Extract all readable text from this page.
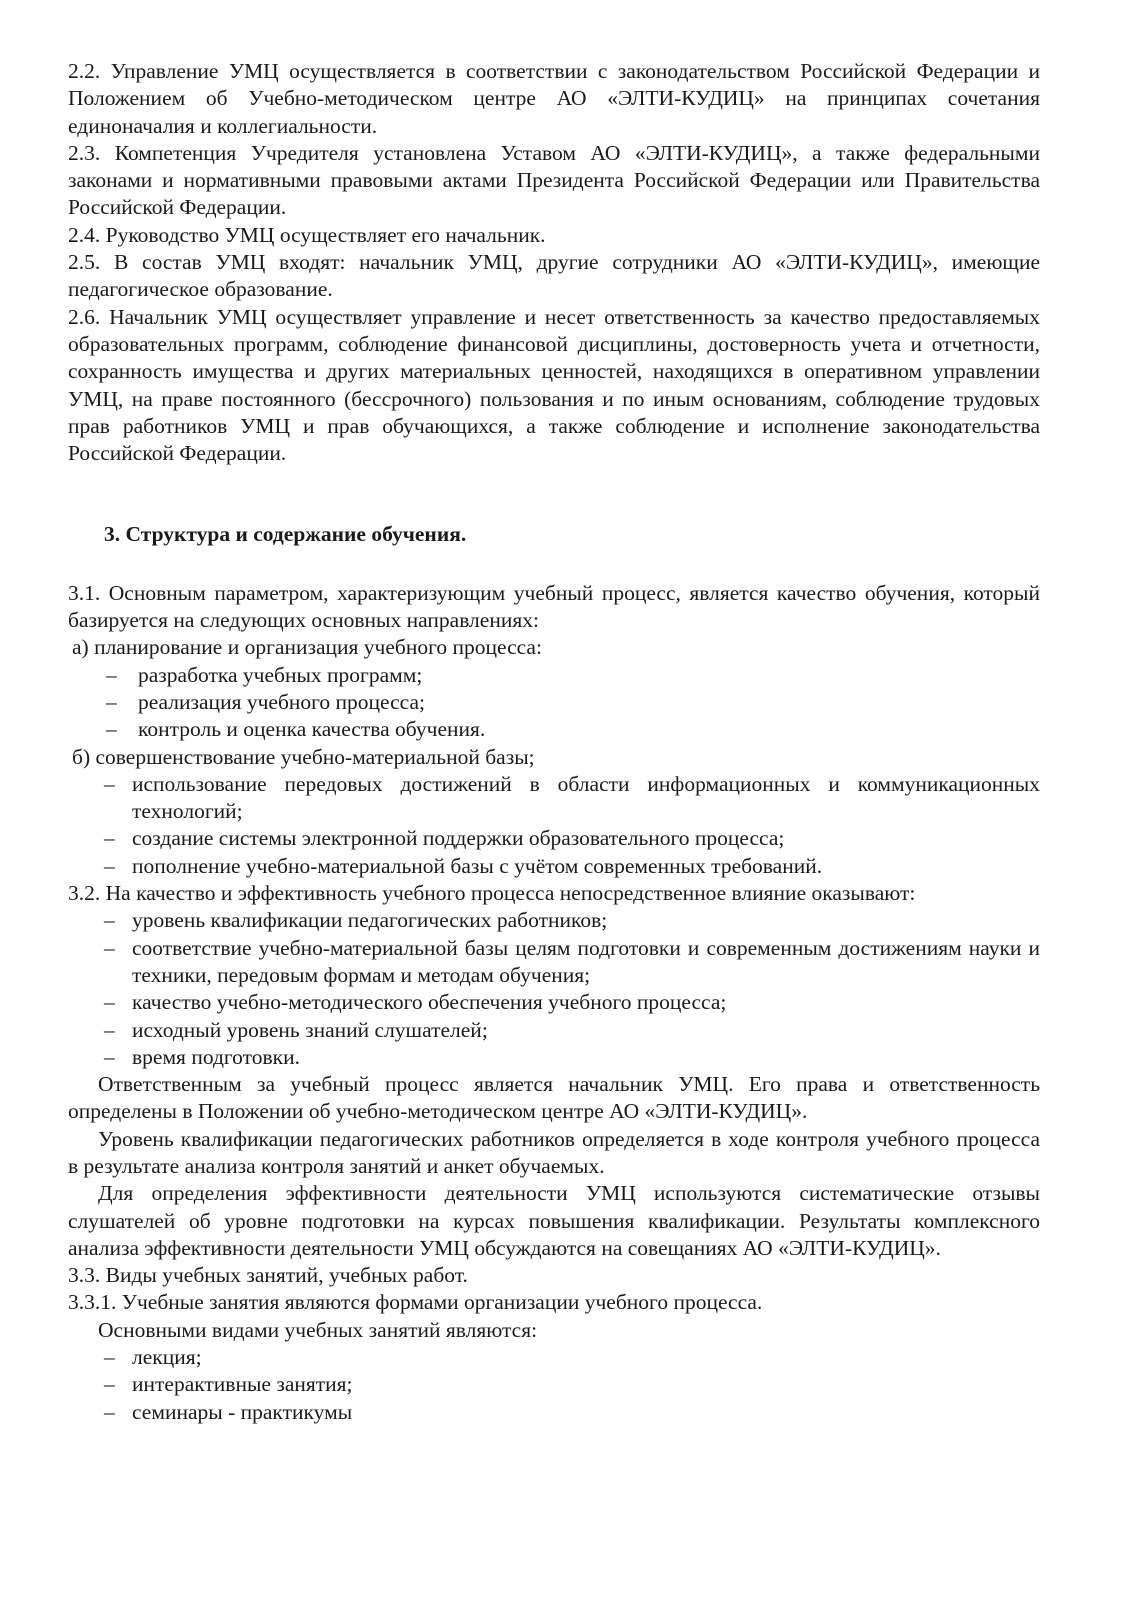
2.2. Управление УМЦ осуществляется в соответствии с законодательством Российской Федерации и Положением об Учебно-методическом центре АО «ЭЛТИ-КУДИЦ» на принципах сочетания единоначалия и коллегиальности.

2.3. Компетенция Учредителя установлена Уставом АО «ЭЛТИ-КУДИЦ», а также федеральными законами и нормативными правовыми актами Президента Российской Федерации или Правительства Российской Федерации.

2.4. Руководство УМЦ осуществляет его начальник.

2.5. В состав УМЦ входят: начальник УМЦ, другие сотрудники АО «ЭЛТИ-КУДИЦ», имеющие педагогическое образование.

2.6. Начальник УМЦ осуществляет управление и несет ответственность за качество предоставляемых образовательных программ, соблюдение финансовой дисциплины, достоверность учета и отчетности, сохранность имущества и других материальных ценностей, находящихся в оперативном управлении УМЦ, на праве постоянного (бессрочного) пользования и по иным основаниям, соблюдение трудовых прав работников УМЦ и прав обучающихся, а также соблюдение и исполнение законодательства Российской Федерации.

3. Структура и содержание обучения.

3.1. Основным параметром, характеризующим учебный процесс, является качество обучения, который базируется на следующих основных направлениях:

а) планирование и организация учебного процесса:

– разработка учебных программ;

– реализация учебного процесса;

– контроль и оценка качества обучения.

б) совершенствование учебно-материальной базы;

– использование передовых достижений в области информационных и коммуникационных технологий;

– создание системы электронной поддержки образовательного процесса;

– пополнение учебно-материальной базы с учётом современных требований.

3.2. На качество и эффективность учебного процесса непосредственное влияние оказывают:

– уровень квалификации педагогических работников;

– соответствие учебно-материальной базы целям подготовки и современным достижениям науки и техники, передовым формам и методам обучения;

– качество учебно-методического обеспечения учебного процесса;

– исходный уровень знаний слушателей;

– время подготовки.

Ответственным за учебный процесс является начальник УМЦ. Его права и ответственность определены в Положении об учебно-методическом центре АО «ЭЛТИ-КУДИЦ».

Уровень квалификации педагогических работников определяется в ходе контроля учебного процесса в результате анализа контроля занятий и анкет обучаемых.

Для определения эффективности деятельности УМЦ используются систематические отзывы слушателей об уровне подготовки на курсах повышения квалификации. Результаты комплексного анализа эффективности деятельности УМЦ обсуждаются на совещаниях АО «ЭЛТИ-КУДИЦ».

3.3. Виды учебных занятий, учебных работ.

3.3.1. Учебные занятия являются формами организации учебного процесса.

Основными видами учебных занятий являются:

– лекция;

– интерактивные занятия;

– семинары - практикумы
